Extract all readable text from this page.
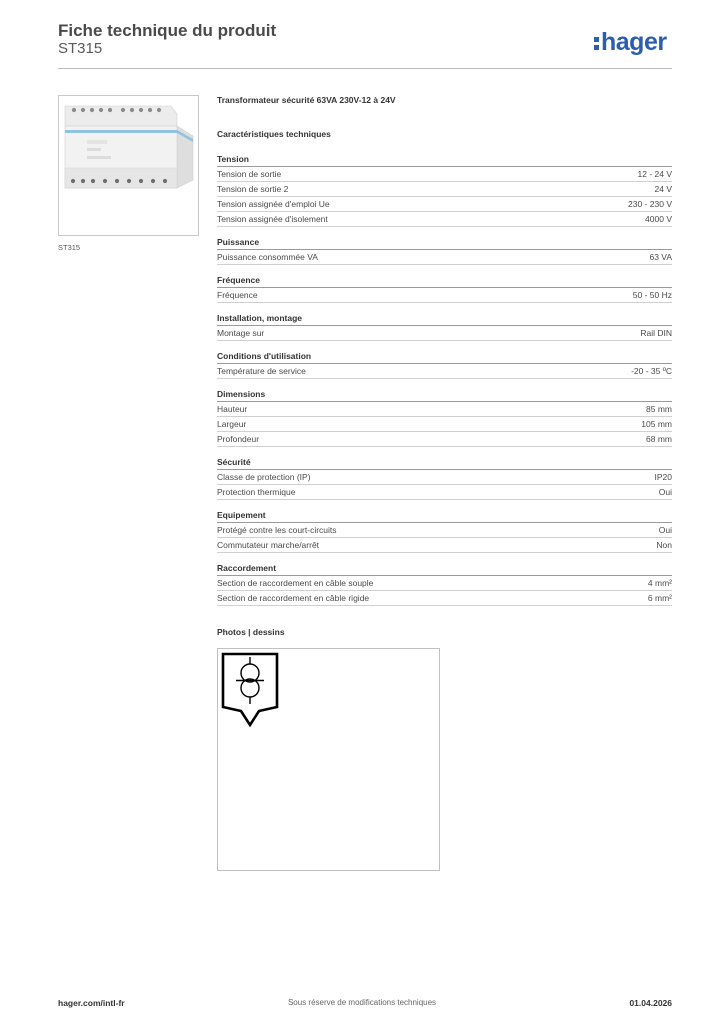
Fiche technique du produit
ST315	hager
ST315
Transformateur sécurité 63VA 230V-12 à 24V
Caractéristiques techniques
Tension
Tension de sortie	12 - 24 V
Tension de sortie 2	24 V
Tension assignée d'emploi Ue	230 - 230 V
Tension assignée d'isolement	4000 V
Puissance
Puissance consommée VA	63 VA
Fréquence
Fréquence	50 - 50 Hz
Installation, montage
Montage sur	Rail DIN
Conditions d'utilisation
Température de service	-20 - 35 ºC
Dimensions
Hauteur	85 mm
Largeur	105 mm
Profondeur	68 mm
Sécurité
Classe de protection (IP)	IP20
Protection thermique	Oui
Equipement
Protégé contre les court-circuits	Oui
Commutateur marche/arrêt	Non
Raccordement
Section de raccordement en câble souple	4 mm²
Section de raccordement en câble rigide	6 mm²
Photos | dessins
hager.com/intl-fr	Sous réserve de modifications techniques	01.04.2026
